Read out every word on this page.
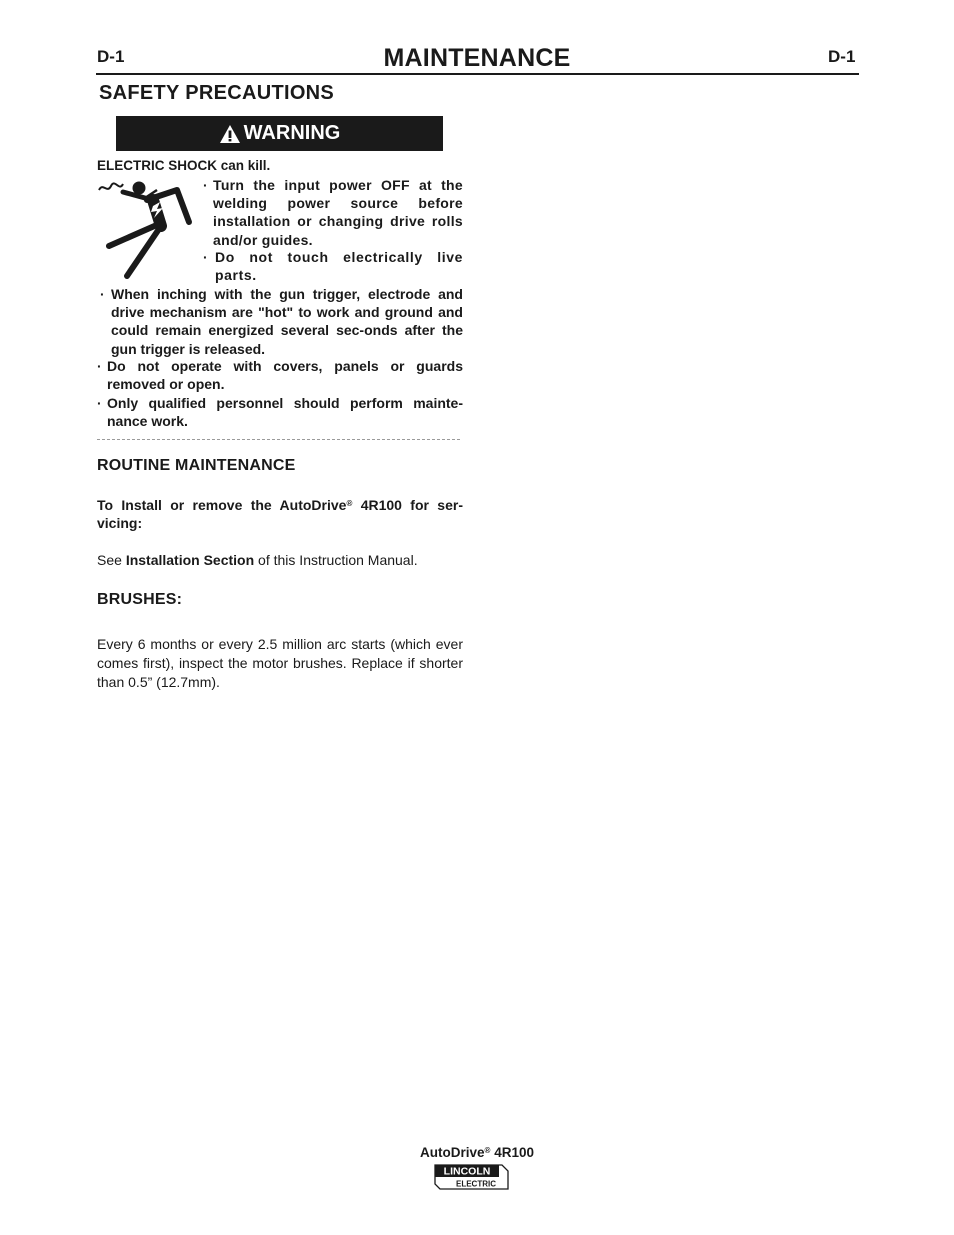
D-1	MAINTENANCE	D-1
SAFETY PRECAUTIONS
WARNING
ELECTRIC SHOCK can kill.
· Turn the input power OFF at the welding power source before installation or changing drive rolls and/or guides.
· Do not touch electrically live parts.
· When inching with the gun trigger, electrode and drive mechanism are "hot" to work and ground and could remain energized several sec-onds after the gun trigger is released.
· Do not operate with covers, panels or guards removed or open.
· Only qualified personnel should perform mainte-nance work.
ROUTINE MAINTENANCE
To Install or remove the AutoDrive® 4R100 for ser-vicing:
See Installation Section of this Instruction Manual.
BRUSHES:
Every 6 months or every 2.5 million arc starts (which ever comes first), inspect the motor brushes. Replace if shorter than 0.5” (12.7mm).
AutoDrive® 4R100
LINCOLN
ELECTRIC
